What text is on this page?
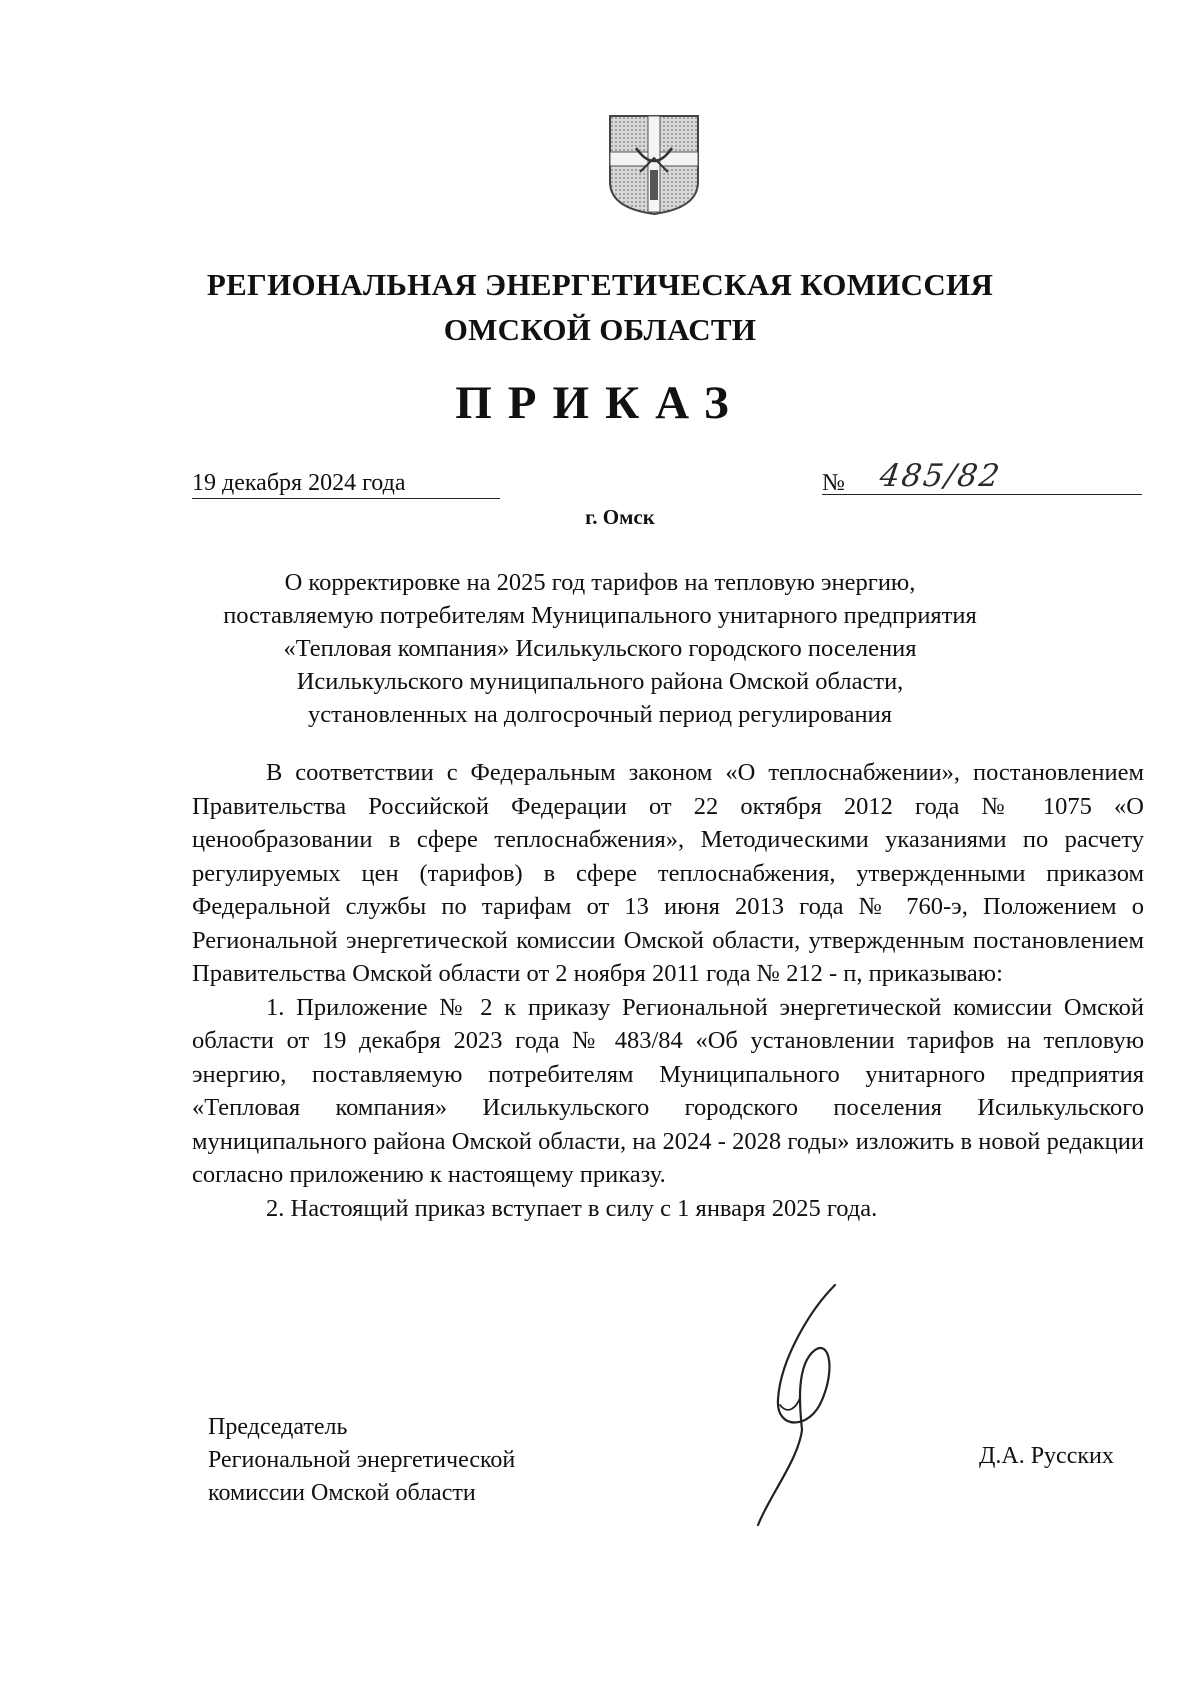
РЕГИОНАЛЬНАЯ ЭНЕРГЕТИЧЕСКАЯ КОМИССИЯ
ОМСКОЙ ОБЛАСТИ
ПРИКАЗ
19 декабря 2024 года	№ 485/82
г. Омск
О корректировке на 2025 год тарифов на тепловую энергию,
поставляемую потребителям Муниципального унитарного предприятия
«Тепловая компания» Исилькульского городского поселения
Исилькульского муниципального района Омской области,
установленных на долгосрочный период регулирования

В соответствии с Федеральным законом «О теплоснабжении», постановлением Правительства Российской Федерации от 22 октября 2012 года № 1075 «О ценообразовании в сфере теплоснабжения», Методическими указаниями по расчету регулируемых цен (тарифов) в сфере теплоснабжения, утвержденными приказом Федеральной службы по тарифам от 13 июня 2013 года № 760-э, Положением о Региональной энергетической комиссии Омской области, утвержденным постановлением Правительства Омской области от 2 ноября 2011 года № 212 - п, приказываю:

1. Приложение № 2 к приказу Региональной энергетической комиссии Омской области от 19 декабря 2023 года № 483/84 «Об установлении тарифов на тепловую энергию, поставляемую потребителям Муниципального унитарного предприятия «Тепловая компания» Исилькульского городского поселения Исилькульского муниципального района Омской области, на 2024 - 2028 годы» изложить в новой редакции согласно приложению к настоящему приказу.

2. Настоящий приказ вступает в силу с 1 января 2025 года.

Председатель
Региональной энергетической
комиссии Омской области
Д.А. Русских
